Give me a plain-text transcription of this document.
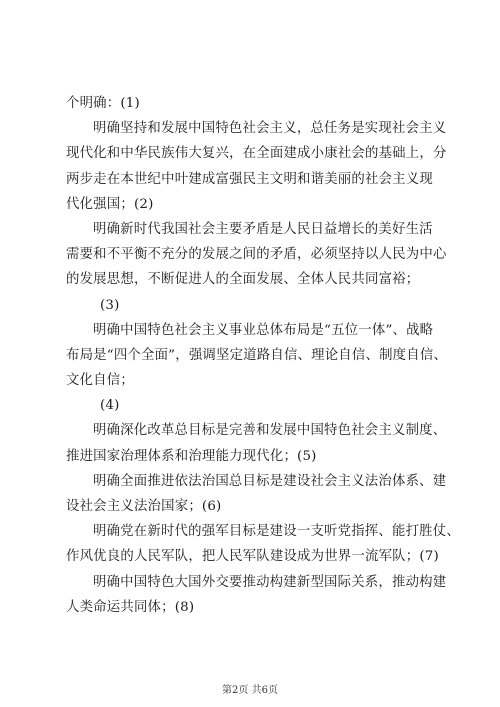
个明确：(1)
明确坚持和发展中国特色社会主义，总任务是实现社会主义
现代化和中华民族伟大复兴，在全面建成小康社会的基础上，分
两步走在本世纪中叶建成富强民主文明和谐美丽的社会主义现
代化强国；(2)
明确新时代我国社会主要矛盾是人民日益增长的美好生活
需要和不平衡不充分的发展之间的矛盾，必须坚持以人民为中心
的发展思想，不断促进人的全面发展、全体人民共同富裕；
(3)
明确中国特色社会主义事业总体布局是“五位一体”、战略
布局是“四个全面”，强调坚定道路自信、理论自信、制度自信、
文化自信；
(4)
明确深化改革总目标是完善和发展中国特色社会主义制度、
推进国家治理体系和治理能力现代化；(5)
明确全面推进依法治国总目标是建设社会主义法治体系、建
设社会主义法治国家；(6)
明确党在新时代的强军目标是建设一支听党指挥、能打胜仗、
作风优良的人民军队，把人民军队建设成为世界一流军队；(7)
明确中国特色大国外交要推动构建新型国际关系，推动构建
人类命运共同体；(8)
第2页 共6页
